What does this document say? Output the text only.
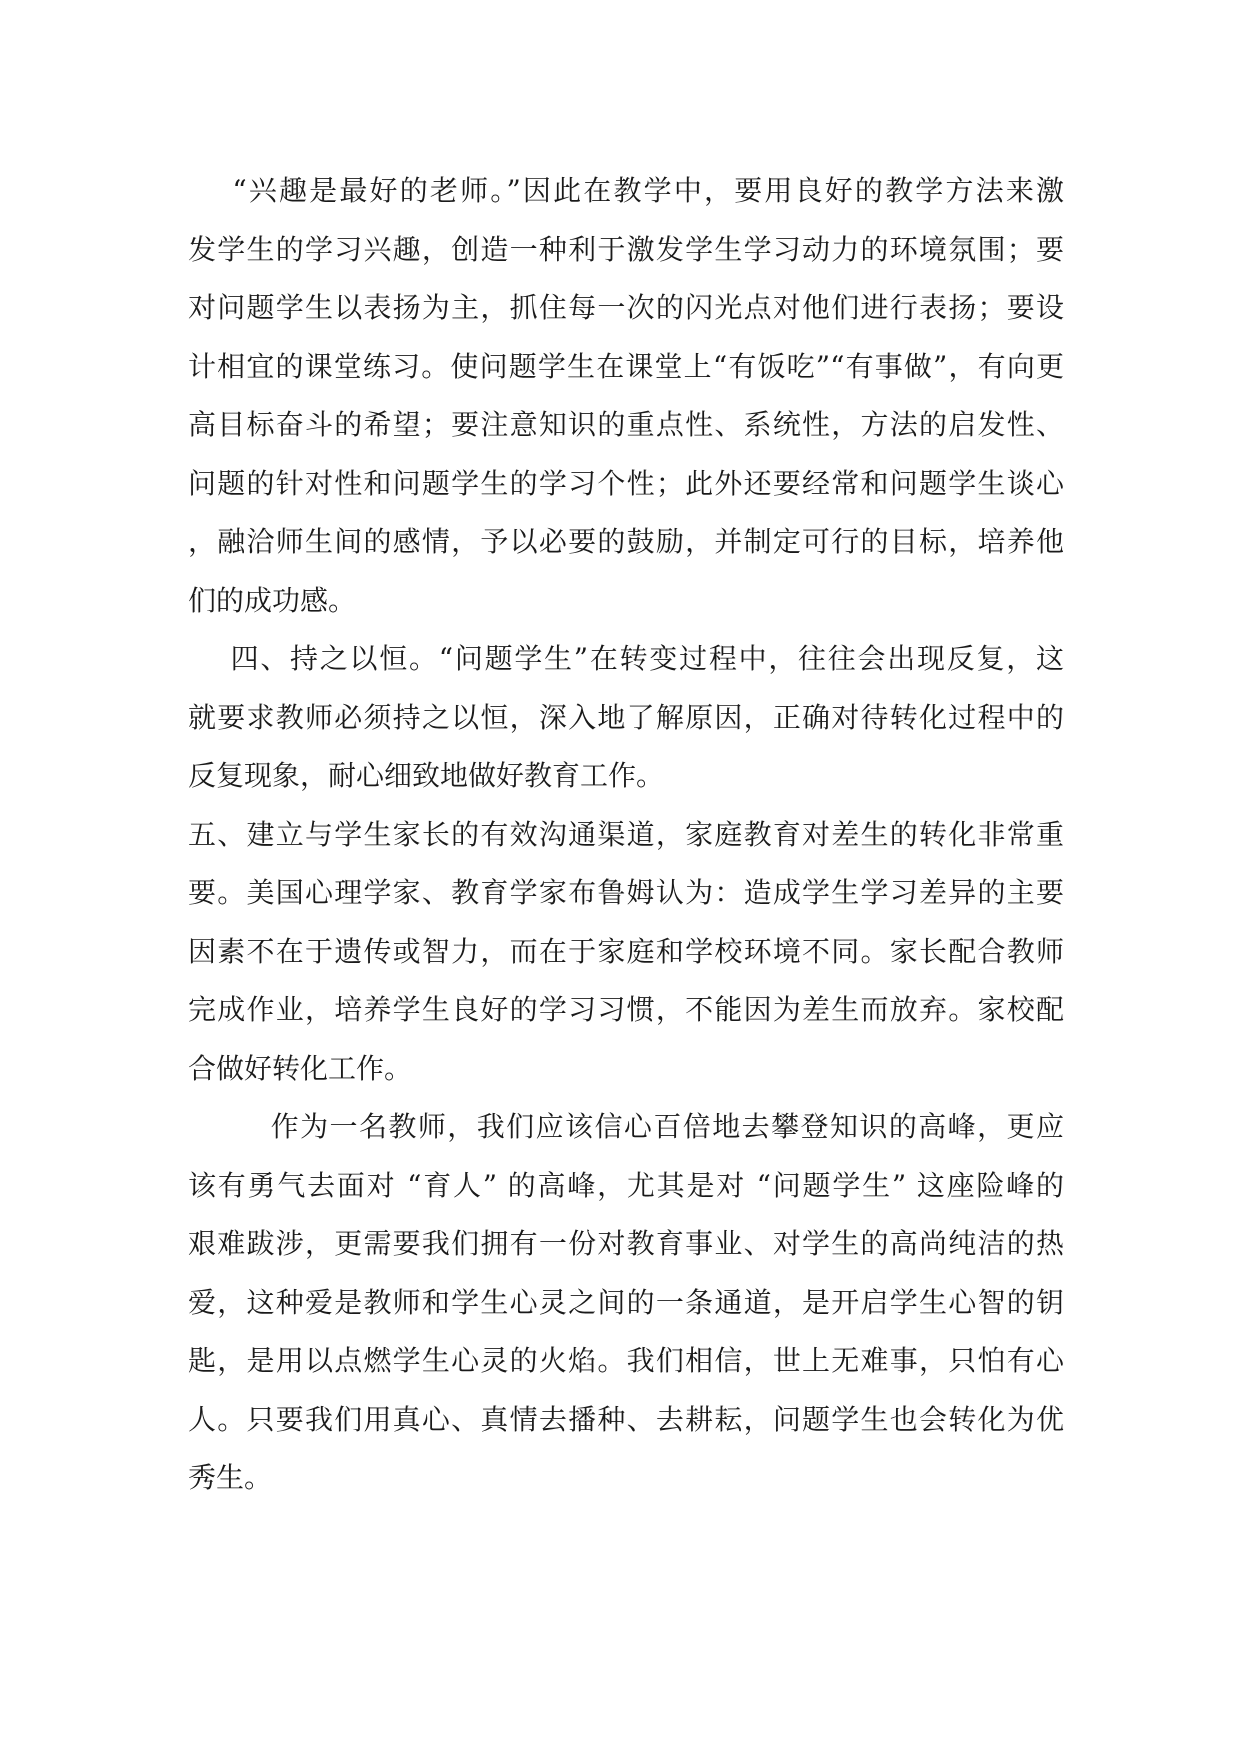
“兴趣是最好的老师。”因此在教学中，要用良好的教学方法来激
发学生的学习兴趣，创造一种利于激发学生学习动力的环境氛围；要
对问题学生以表扬为主，抓住每一次的闪光点对他们进行表扬；要设
计相宜的课堂练习。使问题学生在课堂上“有饭吃”“有事做”，有向更
高目标奋斗的希望；要注意知识的重点性、系统性，方法的启发性、
问题的针对性和问题学生的学习个性；此外还要经常和问题学生谈心
，融洽师生间的感情，予以必要的鼓励，并制定可行的目标，培养他
们的成功感。
四、持之以恒。“问题学生”在转变过程中，往往会出现反复，这
就要求教师必须持之以恒，深入地了解原因，正确对待转化过程中的
反复现象，耐心细致地做好教育工作。
五、建立与学生家长的有效沟通渠道，家庭教育对差生的转化非常重
要。美国心理学家、教育学家布鲁姆认为：造成学生学习差异的主要
因素不在于遗传或智力，而在于家庭和学校环境不同。家长配合教师
完成作业，培养学生良好的学习习惯，不能因为差生而放弃。家校配
合做好转化工作。
作为一名教师，我们应该信心百倍地去攀登知识的高峰，更应
该有勇气去面对 “育人” 的高峰，尤其是对 “问题学生” 这座险峰的
艰难跋涉，更需要我们拥有一份对教育事业、对学生的高尚纯洁的热
爱，这种爱是教师和学生心灵之间的一条通道，是开启学生心智的钥
匙，是用以点燃学生心灵的火焰。我们相信，世上无难事，只怕有心
人。只要我们用真心、真情去播种、去耕耘，问题学生也会转化为优
秀生。
